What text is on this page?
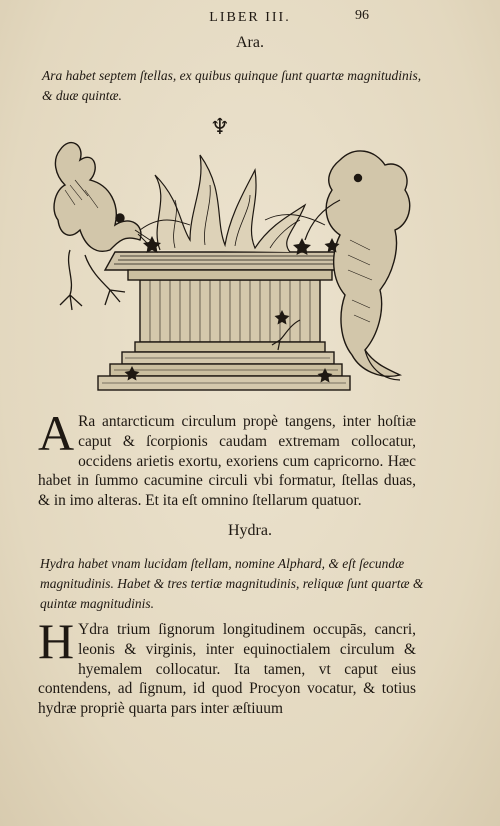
LIBER III.	96
Ara.
Ara habet septem ſtellas, ex quibus quinque ſunt quartæ magnitudinis, & duæ quintæ.
♆
A Ra antarcticum circulum propè tangens, inter hoſtiæ caput & ſcorpionis caudam extremam collocatur, occidens arietis exortu, exoriens cum capricorno. Hæc habet in ſummo cacumine circuli vbi formatur, ſtellas duas, & in imo alteras. Et ita eſt omnino ſtellarum quatuor.
Hydra.
Hydra habet vnam lucidam ſtellam, nomine Alphard, & eſt ſecundæ magnitudinis. Habet & tres tertiæ magnitudinis, reliquæ ſunt quartæ & quintæ magnitudinis.
H Ydra trium ſignorum longitudinem occupās, cancri, leonis & virginis, inter equinoctialem circulum & hyemalem collocatur. Ita tamen, vt caput eius contendens, ad ſignum, id quod Procyon vocatur, & totius hydræ propriè quarta pars inter æſtiuum
